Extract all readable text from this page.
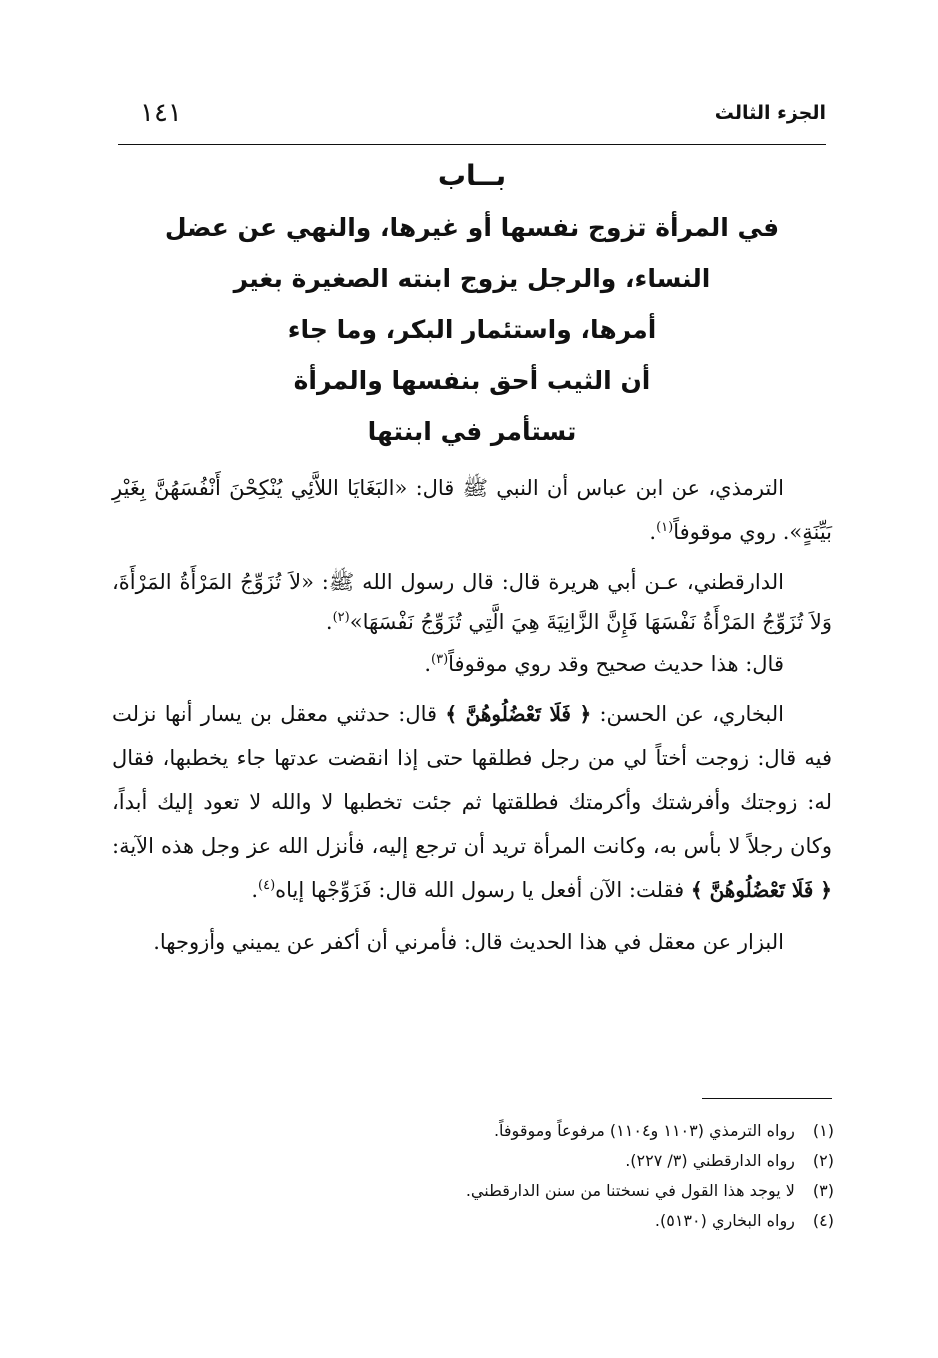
الجزء الثالث
١٤١
بــاب
في المرأة تزوج نفسها أو غيرها، والنهي عن عضل
النساء، والرجل يزوج ابنته الصغيرة بغير
أمرها، واستئمار البكر، وما جاء
أن الثيب أحق بنفسها والمرأة
تستأمر في ابنتها

الترمذي، عن ابن عباس أن النبي ﷺ قال: «البَغَايَا اللاَّئِي يُنْكِحْنَ أَنْفُسَهُنَّ بِغَيْرِ بَيِّنَةٍ». روي موقوفاً$^{(١)}$.

الدارقطني، عـن أبي هريرة قال: قال رسول الله ﷺ: «لاَ تُزَوِّجُ المَرْأَةُ المَرْأَةَ، وَلاَ تُزَوِّجُ المَرْأَةُ نَفْسَهَا فَإِنَّ الزَّانِيَةَ هِيَ الَّتِي تُزَوِّجُ نَفْسَهَا»$^{(٢)}$.

قال: هذا حديث صحيح وقد روي موقوفاً$^{(٣)}$.

البخاري، عن الحسن: ﴿ فَلَا تَعْضُلُوهُنَّ ﴾ قال: حدثني معقل بن يسار أنها نزلت فيه قال: زوجت أختاً لي من رجل فطلقها حتى إذا انقضت عدتها جاء يخطبها، فقال له: زوجتك وأفرشتك وأكرمتك فطلقتها ثم جئت تخطبها لا والله لا تعود إليك أبداً، وكان رجلاً لا بأس به، وكانت المرأة تريد أن ترجع إليه، فأنزل الله عز وجل هذه الآية: ﴿ فَلَا تَعْضُلُوهُنَّ ﴾ فقلت: الآن أفعل يا رسول الله قال: فَزَوِّجْها إياه$^{(٤)}$.

البزار عن معقل في هذا الحديث قال: فأمرني أن أكفر عن يميني وأزوجها.

(١) رواه الترمذي (١١٠٣ و١١٠٤) مرفوعاً وموقوفاً.
(٢) رواه الدارقطني (٣/ ٢٢٧).
(٣) لا يوجد هذا القول في نسختنا من سنن الدارقطني.
(٤) رواه البخاري (٥١٣٠).
